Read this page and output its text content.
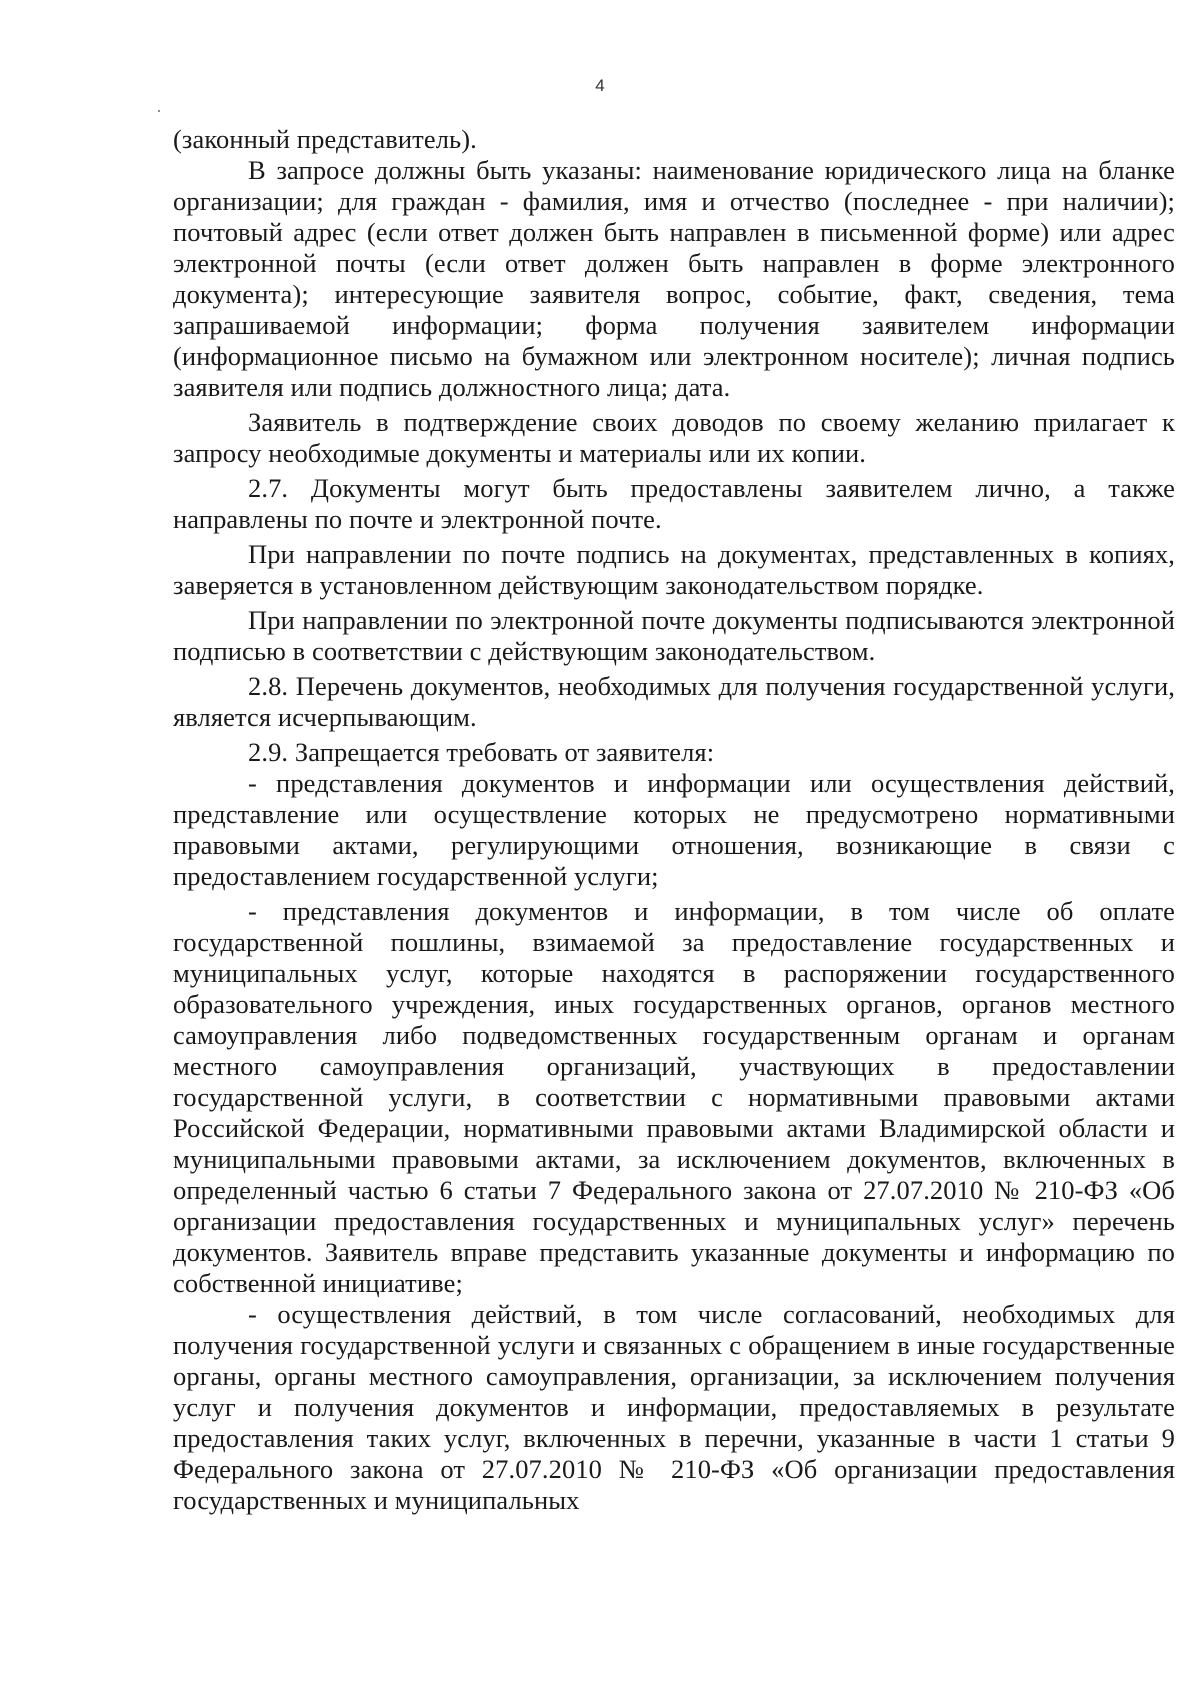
4

(законный представитель).

В запросе должны быть указаны: наименование юридического лица на бланке организации; для граждан - фамилия, имя и отчество (последнее - при наличии); почтовый адрес (если ответ должен быть направлен в письменной форме) или адрес электронной почты (если ответ должен быть направлен в форме электронного документа); интересующие заявителя вопрос, событие, факт, сведения, тема запрашиваемой информации; форма получения заявителем информации (информационное письмо на бумажном или электронном носителе); личная подпись заявителя или подпись должностного лица; дата.

Заявитель в подтверждение своих доводов по своему желанию прилагает к запросу необходимые документы и материалы или их копии.

2.7. Документы могут быть предоставлены заявителем лично, а также направлены по почте и электронной почте.

При направлении по почте подпись на документах, представленных в копиях, заверяется в установленном действующим законодательством порядке.

При направлении по электронной почте документы подписываются электронной подписью в соответствии с действующим законодательством.

2.8. Перечень документов, необходимых для получения государственной услуги, является исчерпывающим.

2.9. Запрещается требовать от заявителя:

- представления документов и информации или осуществления действий, представление или осуществление которых не предусмотрено нормативными правовыми актами, регулирующими отношения, возникающие в связи с предоставлением государственной услуги;

- представления документов и информации, в том числе об оплате государственной пошлины, взимаемой за предоставление государственных и муниципальных услуг, которые находятся в распоряжении государственного образовательного учреждения, иных государственных органов, органов местного самоуправления либо подведомственных государственным органам и органам местного самоуправления организаций, участвующих в предоставлении государственной услуги, в соответствии с нормативными правовыми актами Российской Федерации, нормативными правовыми актами Владимирской области и муниципальными правовыми актами, за исключением документов, включенных в определенный частью 6 статьи 7 Федерального закона от 27.07.2010 № 210-ФЗ «Об организации предоставления государственных и муниципальных услуг» перечень документов. Заявитель вправе представить указанные документы и информацию по собственной инициативе;

- осуществления действий, в том числе согласований, необходимых для получения государственной услуги и связанных с обращением в иные государственные органы, органы местного самоуправления, организации, за исключением получения услуг и получения документов и информации, предоставляемых в результате предоставления таких услуг, включенных в перечни, указанные в части 1 статьи 9 Федерального закона от 27.07.2010 № 210-ФЗ «Об организации предоставления государственных и муниципальных
